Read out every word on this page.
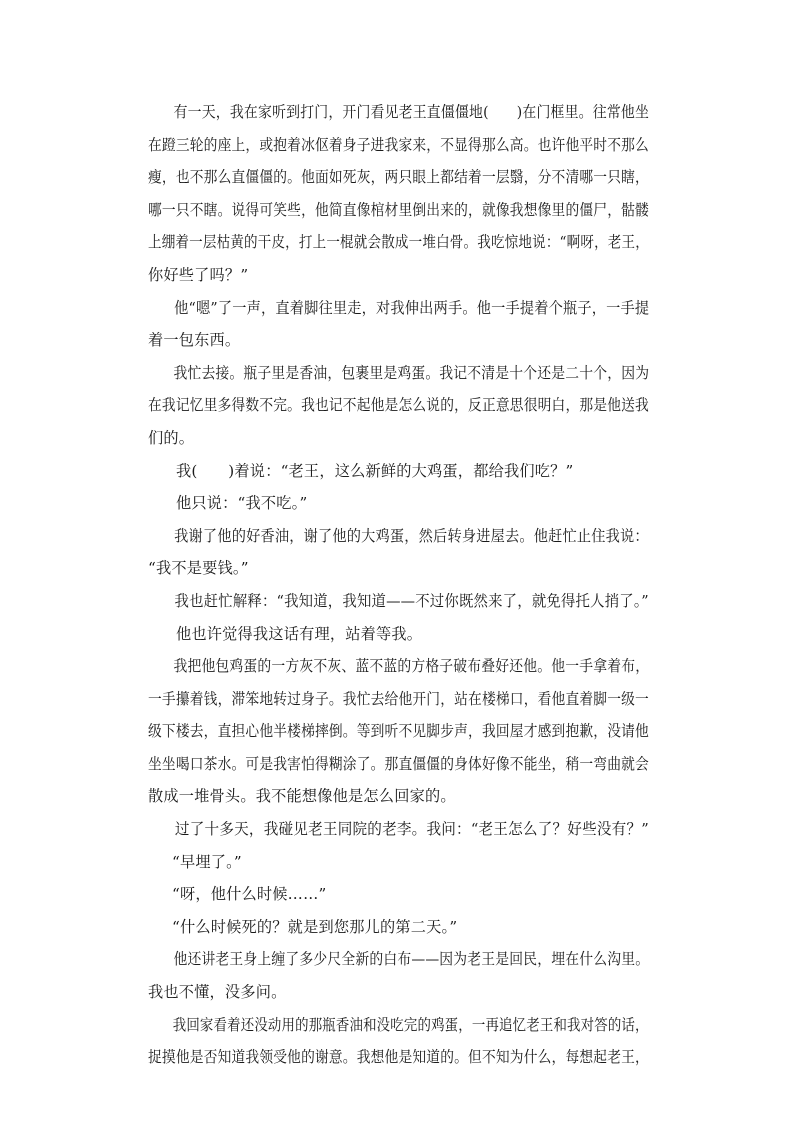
有一天，我在家听到打门，开门看见老王直僵僵地(　　)在门框里。往常他坐
在蹬三轮的座上，或抱着冰伛着身子进我家来，不显得那么高。也许他平时不那么
瘦，也不那么直僵僵的。他面如死灰，两只眼上都结着一层翳，分不清哪一只瞎，
哪一只不瞎。说得可笑些，他简直像棺材里倒出来的，就像我想像里的僵尸，骷髅
上绷着一层枯黄的干皮，打上一棍就会散成一堆白骨。我吃惊地说：“啊呀，老王，
你好些了吗？”

他“嗯”了一声，直着脚往里走，对我伸出两手。他一手提着个瓶子，一手提
着一包东西。

我忙去接。瓶子里是香油，包裹里是鸡蛋。我记不清是十个还是二十个，因为
在我记忆里多得数不完。我也记不起他是怎么说的，反正意思很明白，那是他送我
们的。

我(　　)着说：“老王，这么新鲜的大鸡蛋，都给我们吃？”

他只说：“我不吃。”

我谢了他的好香油，谢了他的大鸡蛋，然后转身进屋去。他赶忙止住我说：
“我不是要钱。”

我也赶忙解释：“我知道，我知道——不过你既然来了，就免得托人捎了。”

他也许觉得我这话有理，站着等我。

我把他包鸡蛋的一方灰不灰、蓝不蓝的方格子破布叠好还他。他一手拿着布，
一手攥着钱，滞笨地转过身子。我忙去给他开门，站在楼梯口，看他直着脚一级一
级下楼去，直担心他半楼梯摔倒。等到听不见脚步声，我回屋才感到抱歉，没请他
坐坐喝口茶水。可是我害怕得糊涂了。那直僵僵的身体好像不能坐，稍一弯曲就会
散成一堆骨头。我不能想像他是怎么回家的。

过了十多天，我碰见老王同院的老李。我问：“老王怎么了？好些没有？”

“早埋了。”

“呀，他什么时候……”

“什么时候死的？就是到您那儿的第二天。”

他还讲老王身上缠了多少尺全新的白布——因为老王是回民，埋在什么沟里。
我也不懂，没多问。

我回家看着还没动用的那瓶香油和没吃完的鸡蛋，一再追忆老王和我对答的话，
捉摸他是否知道我领受他的谢意。我想他是知道的。但不知为什么，每想起老王，
